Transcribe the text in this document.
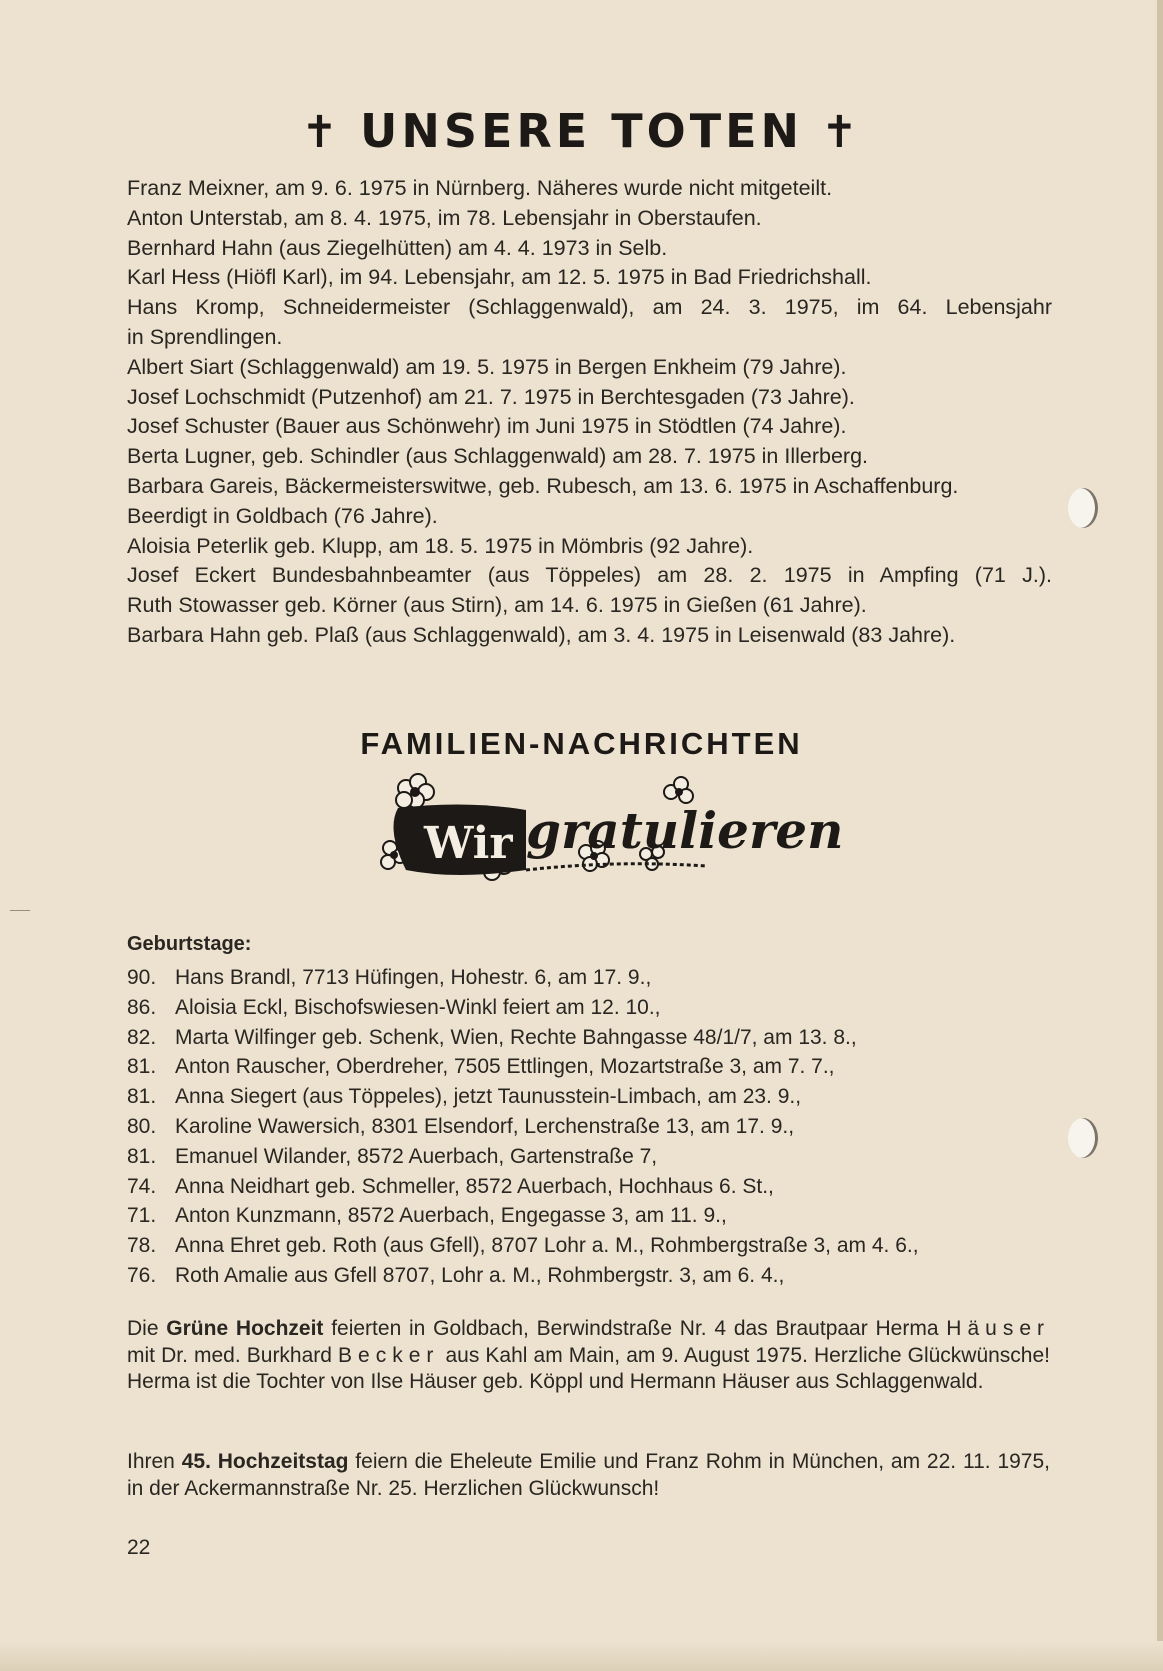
✝ UNSERE TOTEN ✝
Franz Meixner, am 9. 6. 1975 in Nürnberg. Näheres wurde nicht mitgeteilt.
Anton Unterstab, am 8. 4. 1975, im 78. Lebensjahr in Oberstaufen.
Bernhard Hahn (aus Ziegelhütten) am 4. 4. 1973 in Selb.
Karl Hess (Hiöfl Karl), im 94. Lebensjahr, am 12. 5. 1975 in Bad Friedrichshall.
Hans Kromp, Schneidermeister (Schlaggenwald), am 24. 3. 1975, im 64. Lebensjahr
in Sprendlingen.
Albert Siart (Schlaggenwald) am 19. 5. 1975 in Bergen Enkheim (79 Jahre).
Josef Lochschmidt (Putzenhof) am 21. 7. 1975 in Berchtesgaden (73 Jahre).
Josef Schuster (Bauer aus Schönwehr) im Juni 1975 in Stödtlen (74 Jahre).
Berta Lugner, geb. Schindler (aus Schlaggenwald) am 28. 7. 1975 in Illerberg.
Barbara Gareis, Bäckermeisterswitwe, geb. Rubesch, am 13. 6. 1975 in Aschaffenburg.
Beerdigt in Goldbach (76 Jahre).
Aloisia Peterlik geb. Klupp, am 18. 5. 1975 in Mömbris (92 Jahre).
Josef Eckert Bundesbahnbeamter (aus Töppeles) am 28. 2. 1975 in Ampfing (71 J.).
Ruth Stowasser geb. Körner (aus Stirn), am 14. 6. 1975 in Gießen (61 Jahre).
Barbara Hahn geb. Plaß (aus Schlaggenwald), am 3. 4. 1975 in Leisenwald (83 Jahre).
FAMILIEN-NACHRICHTEN
Wir gratulieren
Geburtstage:
90. Hans Brandl, 7713 Hüfingen, Hohestr. 6, am 17. 9.,
86. Aloisia Eckl, Bischofswiesen-Winkl feiert am 12. 10.,
82. Marta Wilfinger geb. Schenk, Wien, Rechte Bahngasse 48/1/7, am 13. 8.,
81. Anton Rauscher, Oberdreher, 7505 Ettlingen, Mozartstraße 3, am 7. 7.,
81. Anna Siegert (aus Töppeles), jetzt Taunusstein-Limbach, am 23. 9.,
80. Karoline Wawersich, 8301 Elsendorf, Lerchenstraße 13, am 17. 9.,
81. Emanuel Wilander, 8572 Auerbach, Gartenstraße 7,
74. Anna Neidhart geb. Schmeller, 8572 Auerbach, Hochhaus 6. St.,
71. Anton Kunzmann, 8572 Auerbach, Engegasse 3, am 11. 9.,
78. Anna Ehret geb. Roth (aus Gfell), 8707 Lohr a. M., Rohmbergstraße 3, am 4. 6.,
76. Roth Amalie aus Gfell 8707, Lohr a. M., Rohmbergstr. 3, am 6. 4.,
Die Grüne Hochzeit feierten in Goldbach, Berwindstraße Nr. 4 das Brautpaar Herma Häuser mit Dr. med. Burkhard Becker aus Kahl am Main, am 9. August 1975. Herzliche Glückwünsche! Herma ist die Tochter von Ilse Häuser geb. Köppl und Hermann Häuser aus Schlaggenwald.
Ihren 45. Hochzeitstag feiern die Eheleute Emilie und Franz Rohm in München, am 22. 11. 1975, in der Ackermannstraße Nr. 25. Herzlichen Glückwunsch!
22
